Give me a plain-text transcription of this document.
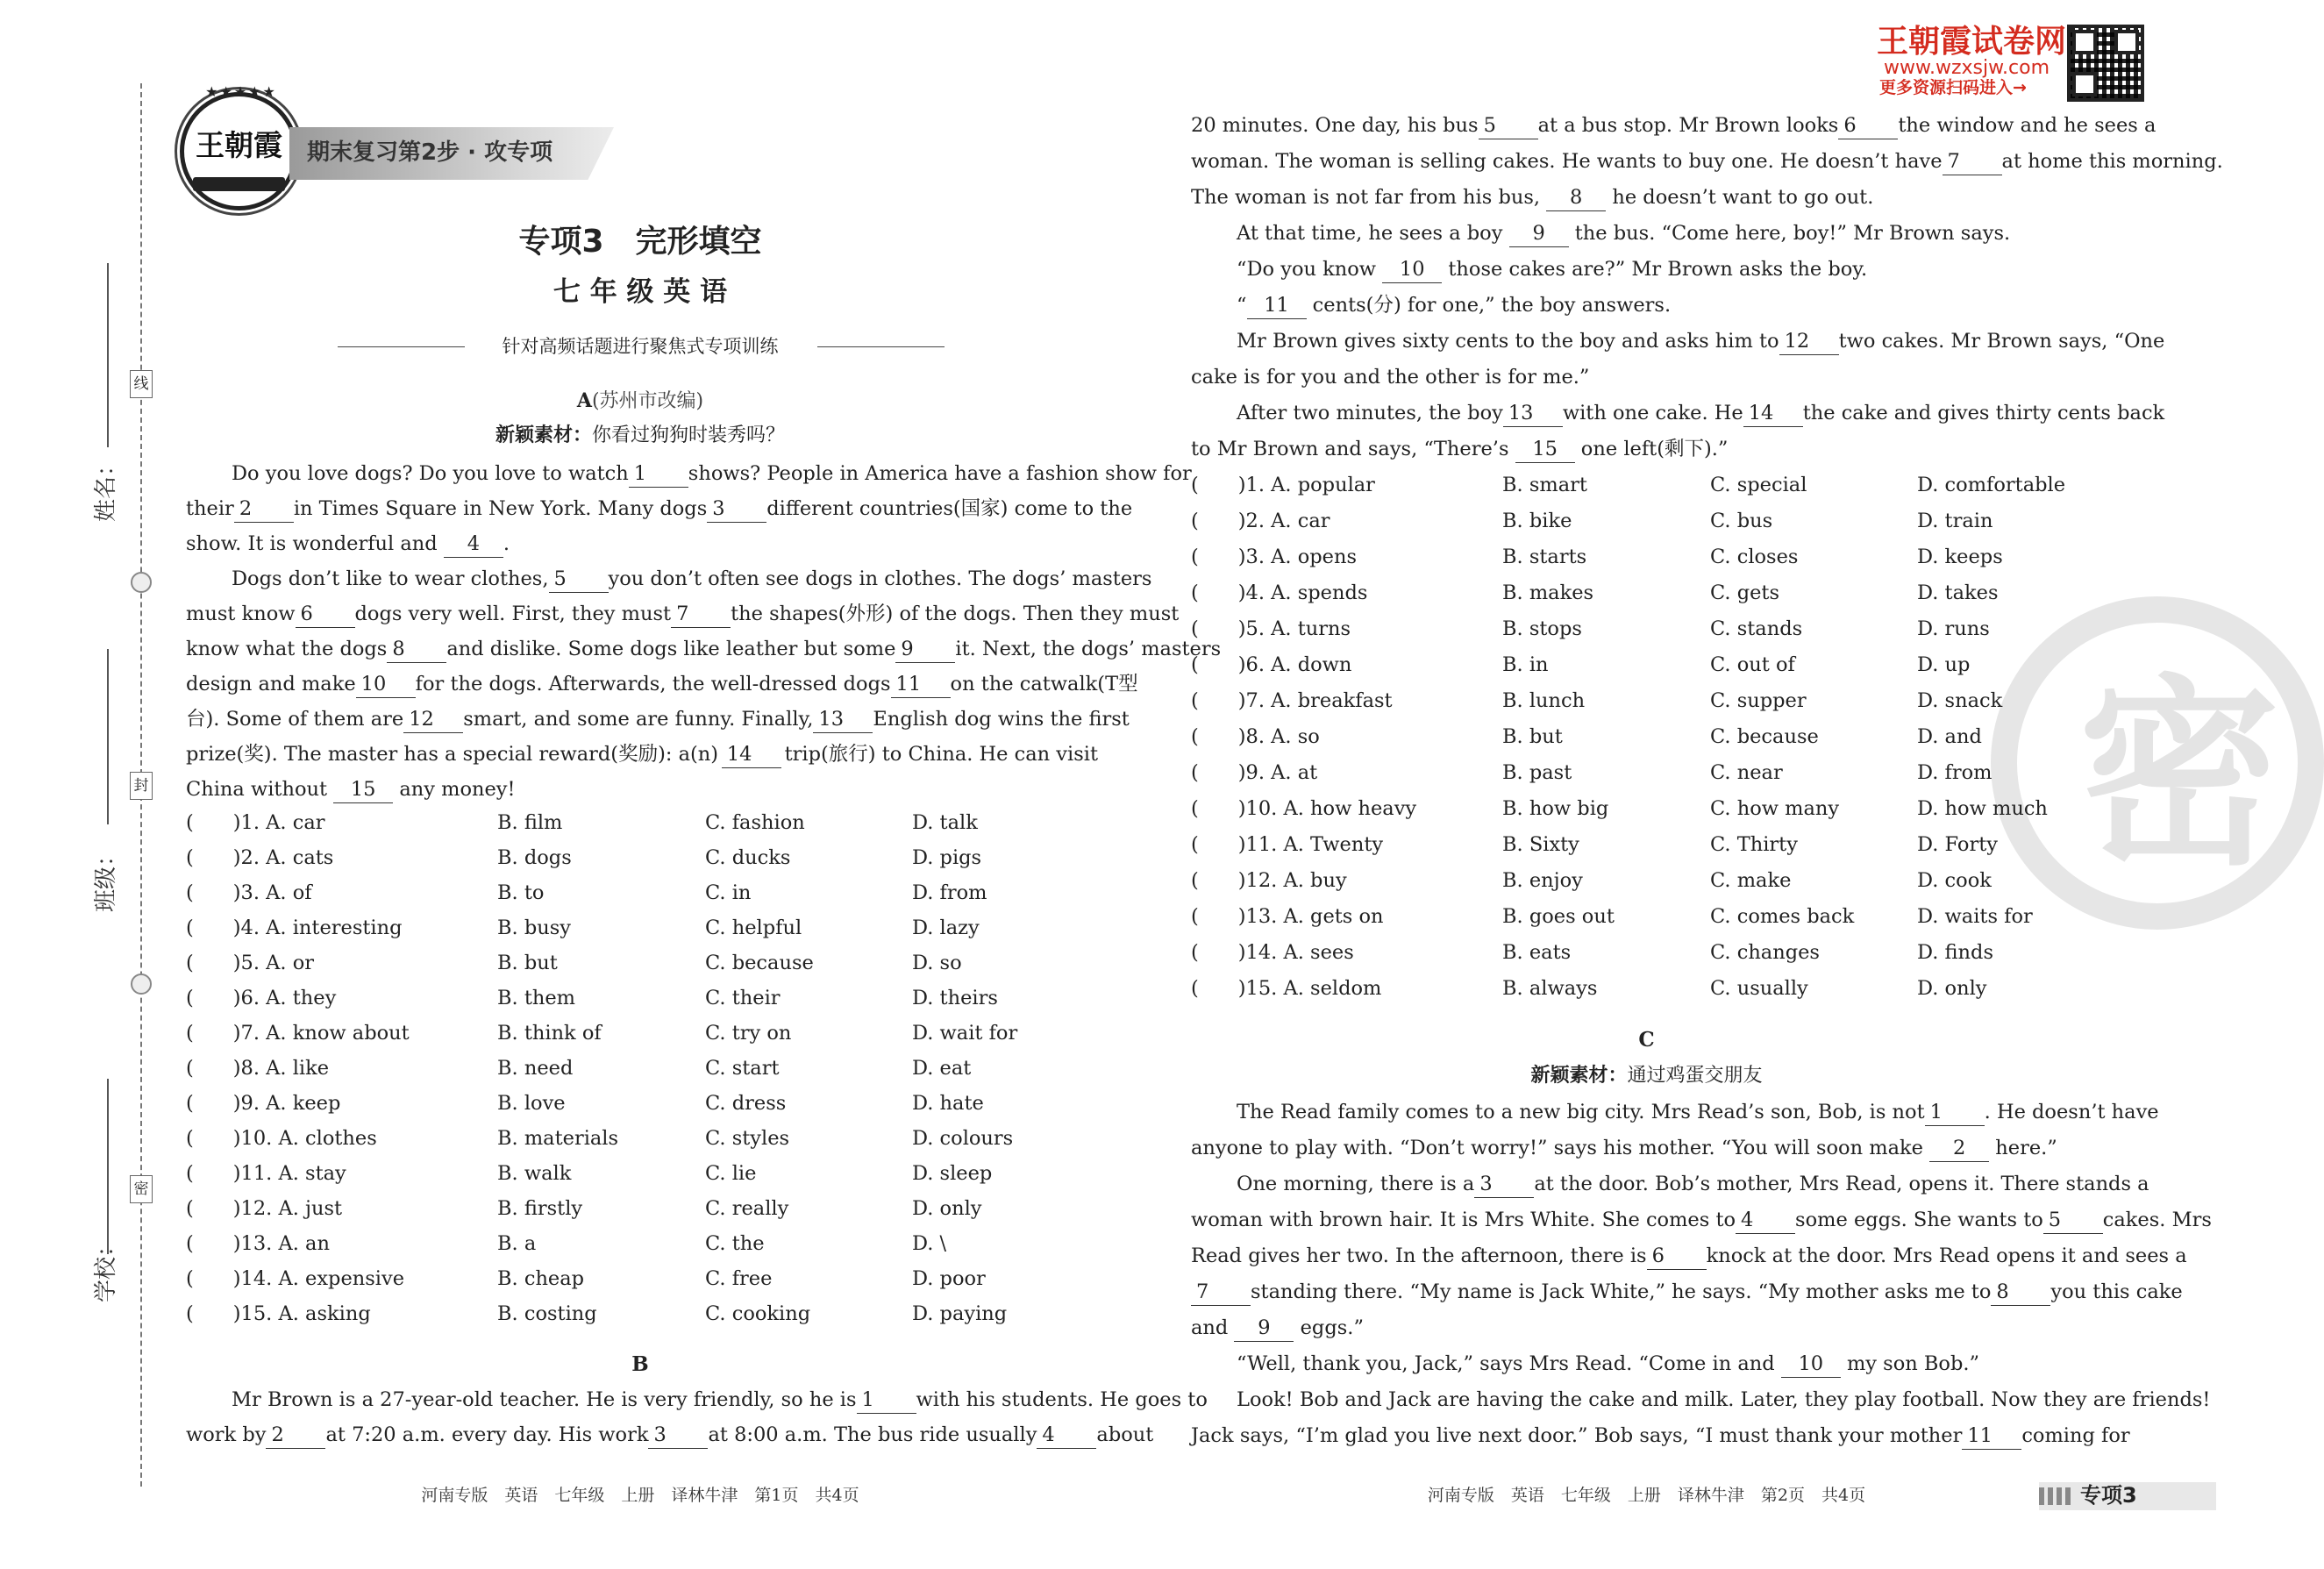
姓名：
班级：
学校：
线
封
密
王朝霞
★★★★★
期末复习第2步 · 攻专项
王朝霞试卷网
www.wzxsjw.com
更多资源扫码进入→
密
专项3　完形填空
七 年 级 英 语
针对高频话题进行聚焦式专项训练
A(苏州市改编)
新颖素材：你看过狗狗时装秀吗？
Do you love dogs? Do you love to watch 1	shows? People in America have a fashion show for
their 2	in Times Square in New York. Many dogs 3	different countries(国家) come to the
show. It is wonderful and 4 .
Dogs don’t like to wear clothes, 5	you don’t often see dogs in clothes. The dogs’ masters
must know 6	dogs very well. First, they must 7	the shapes(外形) of the dogs. Then they must
know what the dogs 8	and dislike. Some dogs like leather but some 9	it. Next, the dogs’ masters
design and make 10	for the dogs. Afterwards, the well-dressed dogs 11	on the catwalk(T型
台). Some of them are 12	smart, and some are funny. Finally, 13	English dog wins the first
prize(奖). The master has a special reward(奖励): a(n) 14	trip(旅行) to China. He can visit
China without 15 any money!
(　　)1. A. car	B. film	C. fashion	D. talk
(　　)2. A. cats	B. dogs	C. ducks	D. pigs
(　　)3. A. of	B. to	C. in	D. from
(　　)4. A. interesting	B. busy	C. helpful	D. lazy
(　　)5. A. or	B. but	C. because	D. so
(　　)6. A. they	B. them	C. their	D. theirs
(　　)7. A. know about	B. think of	C. try on	D. wait for
(　　)8. A. like	B. need	C. start	D. eat
(　　)9. A. keep	B. love	C. dress	D. hate
(　　)10. A. clothes	B. materials	C. styles	D. colours
(　　)11. A. stay	B. walk	C. lie	D. sleep
(　　)12. A. just	B. firstly	C. really	D. only
(　　)13. A. an	B. a	C. the	D. \
(　　)14. A. expensive	B. cheap	C. free	D. poor
(　　)15. A. asking	B. costing	C. cooking	D. paying
B
Mr Brown is a 27-year-old teacher. He is very friendly, so he is 1	with his students. He goes to
work by 2	at 7:20 a.m. every day. His work 3	at 8:00 a.m. The bus ride usually 4	about
20 minutes. One day, his bus 5	at a bus stop. Mr Brown looks 6	the window and he sees a
woman. The woman is selling cakes. He wants to buy one. He doesn’t have 7	at home this morning.
The woman is not far from his bus, 8 he doesn’t want to go out.
At that time, he sees a boy 9 the bus. “Come here, boy!” Mr Brown says.
“Do you know 10 those cakes are?” Mr Brown asks the boy.
“ 11 cents(分) for one,” the boy answers.
Mr Brown gives sixty cents to the boy and asks him to 12	two cakes. Mr Brown says, “One
cake is for you and the other is for me.”
After two minutes, the boy 13	with one cake. He 14	the cake and gives thirty cents back
to Mr Brown and says, “There’s 15 one left(剩下).”
(　　)1. A. popular	B. smart	C. special	D. comfortable
(　　)2. A. car	B. bike	C. bus	D. train
(　　)3. A. opens	B. starts	C. closes	D. keeps
(　　)4. A. spends	B. makes	C. gets	D. takes
(　　)5. A. turns	B. stops	C. stands	D. runs
(　　)6. A. down	B. in	C. out of	D. up
(　　)7. A. breakfast	B. lunch	C. supper	D. snack
(　　)8. A. so	B. but	C. because	D. and
(　　)9. A. at	B. past	C. near	D. from
(　　)10. A. how heavy	B. how big	C. how many	D. how much
(　　)11. A. Twenty	B. Sixty	C. Thirty	D. Forty
(　　)12. A. buy	B. enjoy	C. make	D. cook
(　　)13. A. gets on	B. goes out	C. comes back	D. waits for
(　　)14. A. sees	B. eats	C. changes	D. finds
(　　)15. A. seldom	B. always	C. usually	D. only
C
新颖素材：通过鸡蛋交朋友
The Read family comes to a new big city. Mrs Read’s son, Bob, is not 1	. He doesn’t have
anyone to play with. “Don’t worry!” says his mother. “You will soon make 2 here.”
One morning, there is a 3	at the door. Bob’s mother, Mrs Read, opens it. There stands a
woman with brown hair. It is Mrs White. She comes to 4	some eggs. She wants to 5	cakes. Mrs
Read gives her two. In the afternoon, there is 6	knock at the door. Mrs Read opens it and sees a
7	standing there. “My name is Jack White,” he says. “My mother asks me to 8	you this cake
and 9 eggs.”
“Well, thank you, Jack,” says Mrs Read. “Come in and 10 my son Bob.”
Look! Bob and Jack are having the cake and milk. Later, they play football. Now they are friends!
Jack says, “I’m glad you live next door.” Bob says, “I must thank your mother 11	coming for
河南专版　英语　七年级　上册　译林牛津　第1页　共4页	河南专版　英语　七年级　上册　译林牛津　第2页　共4页	专项3
